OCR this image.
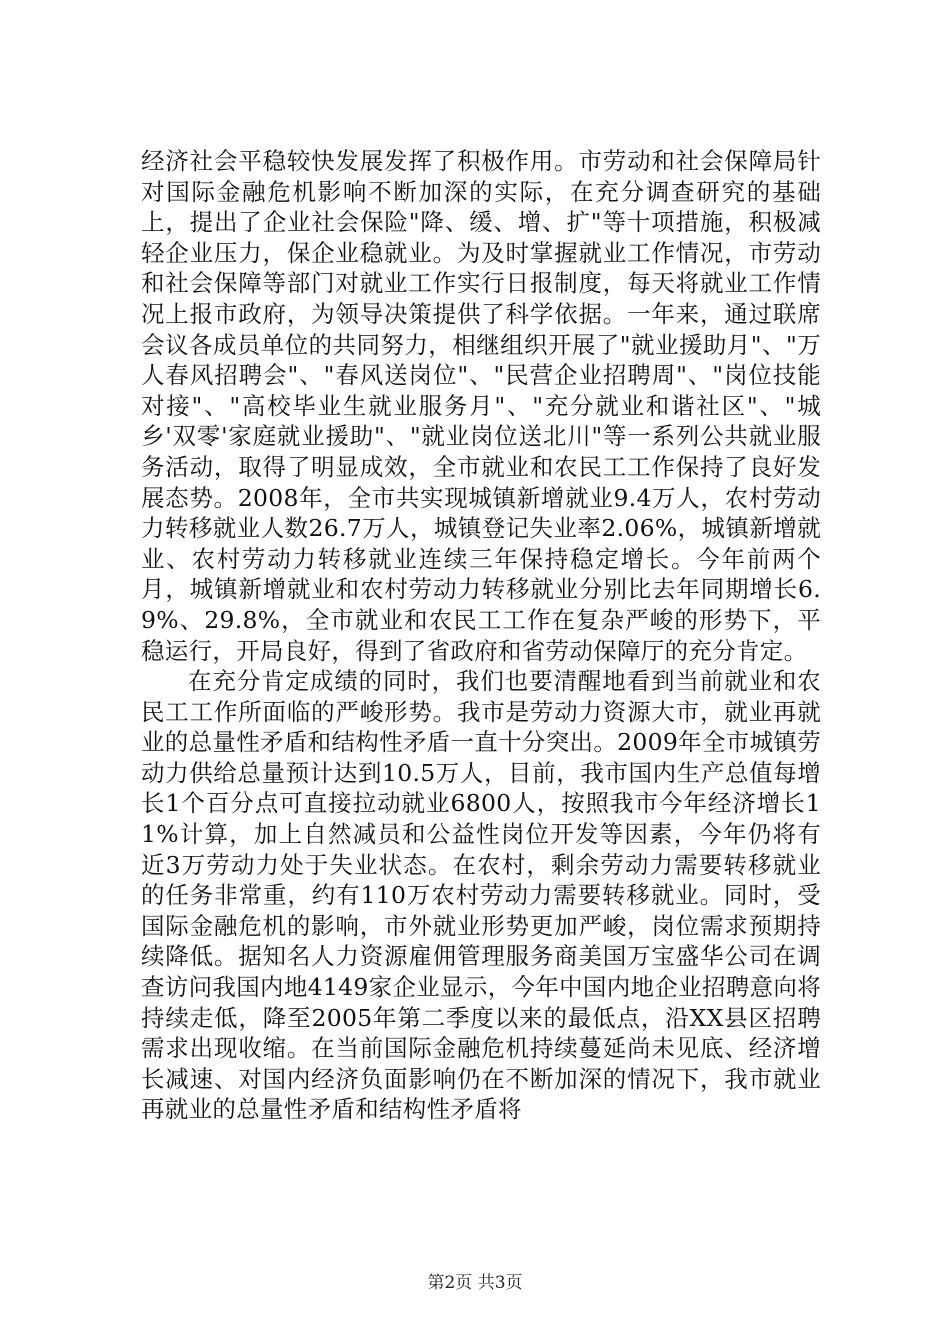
经济社会平稳较快发展发挥了积极作用。市劳动和社会保障局针对国际金融危机影响不断加深的实际，在充分调查研究的基础上，提出了企业社会保险"降、缓、增、扩"等十项措施，积极减轻企业压力，保企业稳就业。为及时掌握就业工作情况，市劳动和社会保障等部门对就业工作实行日报制度，每天将就业工作情况上报市政府，为领导决策提供了科学依据。一年来，通过联席会议各成员单位的共同努力，相继组织开展了"就业援助月"、"万人春风招聘会"、"春风送岗位"、"民营企业招聘周"、"岗位技能对接"、"高校毕业生就业服务月"、"充分就业和谐社区"、"城乡'双零'家庭就业援助"、"就业岗位送北川"等一系列公共就业服务活动，取得了明显成效，全市就业和农民工工作保持了良好发展态势。2008年，全市共实现城镇新增就业9.4万人，农村劳动力转移就业人数26.7万人，城镇登记失业率2.06%，城镇新增就业、农村劳动力转移就业连续三年保持稳定增长。今年前两个月，城镇新增就业和农村劳动力转移就业分别比去年同期增长6.9%、29.8%，全市就业和农民工工作在复杂严峻的形势下，平稳运行，开局良好，得到了省政府和省劳动保障厅的充分肯定。

在充分肯定成绩的同时，我们也要清醒地看到当前就业和农民工工作所面临的严峻形势。我市是劳动力资源大市，就业再就业的总量性矛盾和结构性矛盾一直十分突出。2009年全市城镇劳动力供给总量预计达到10.5万人，目前，我市国内生产总值每增长1个百分点可直接拉动就业6800人，按照我市今年经济增长11%计算，加上自然减员和公益性岗位开发等因素，今年仍将有近3万劳动力处于失业状态。在农村，剩余劳动力需要转移就业的任务非常重，约有110万农村劳动力需要转移就业。同时，受国际金融危机的影响，市外就业形势更加严峻，岗位需求预期持续降低。据知名人力资源雇佣管理服务商美国万宝盛华公司在调查访问我国内地4149家企业显示，今年中国内地企业招聘意向将持续走低，降至2005年第二季度以来的最低点，沿XX县区招聘需求出现收缩。在当前国际金融危机持续蔓延尚未见底、经济增长减速、对国内经济负面影响仍在不断加深的情况下，我市就业再就业的总量性矛盾和结构性矛盾将

第2页 共3页
